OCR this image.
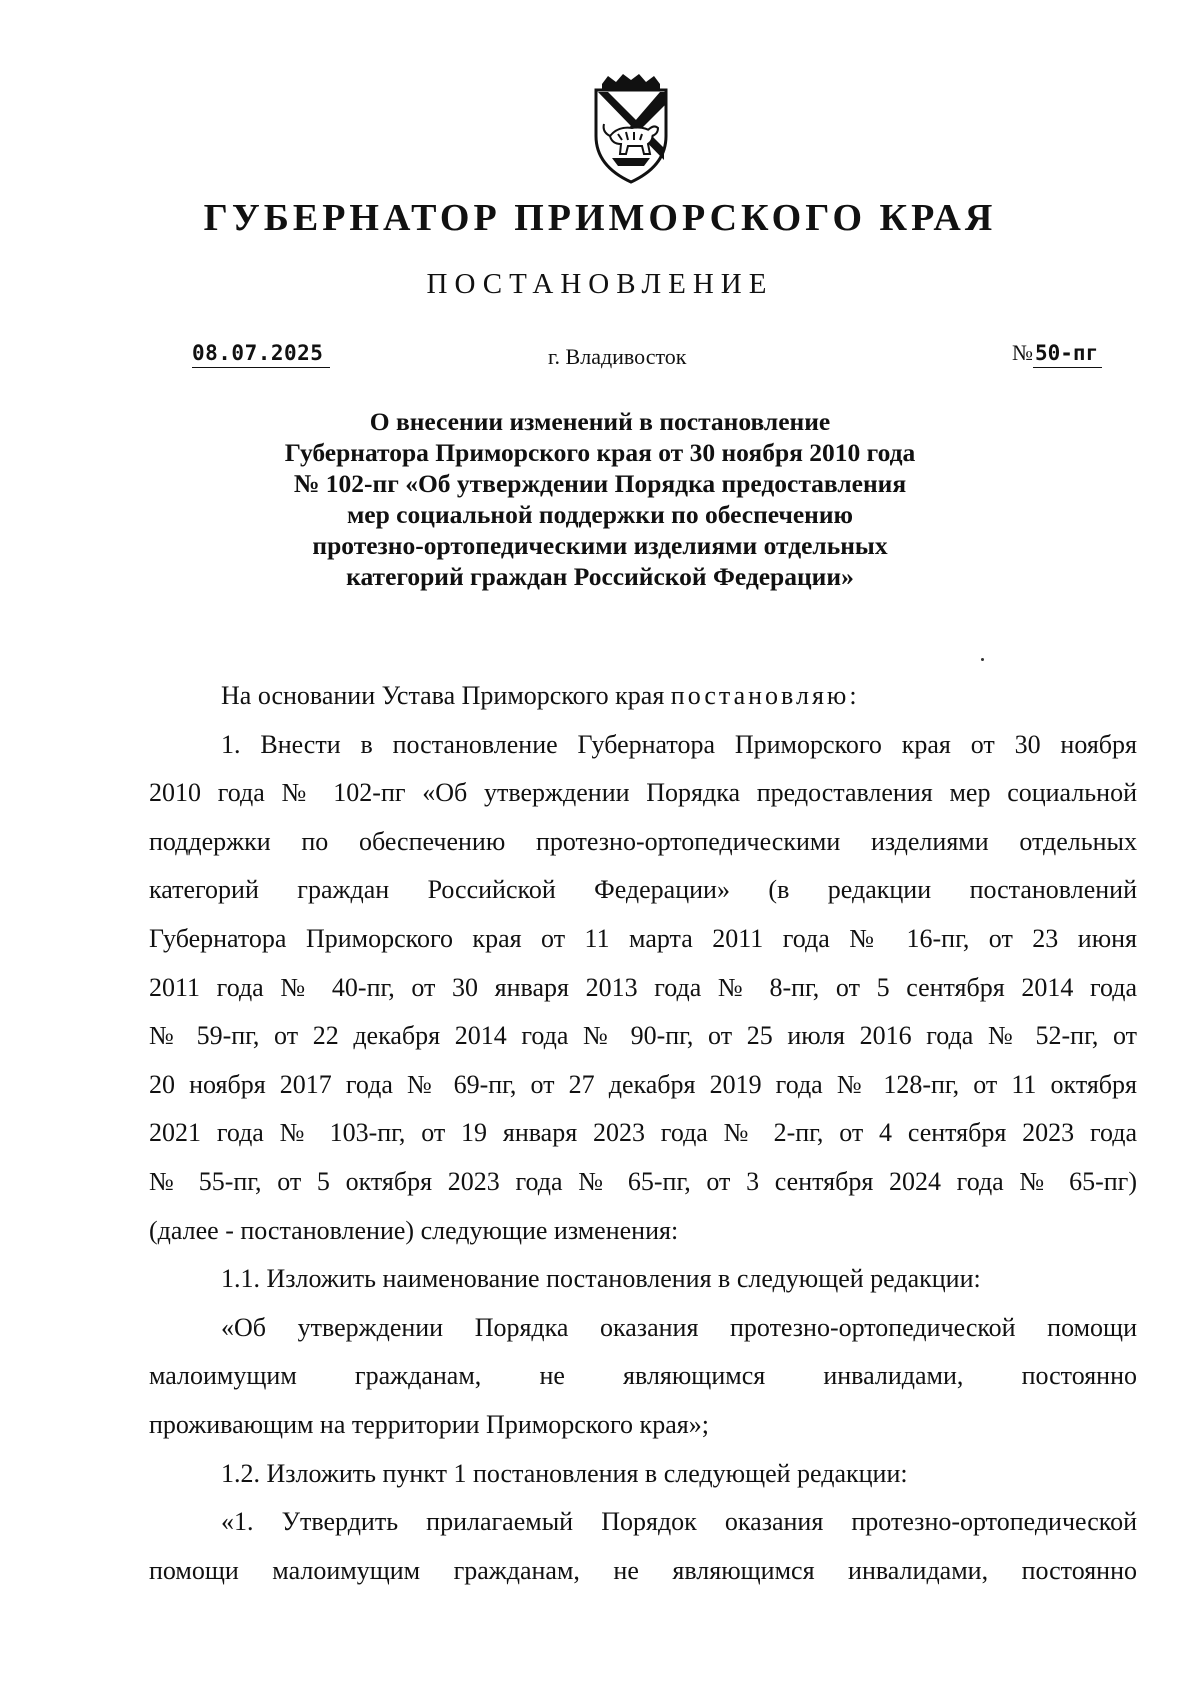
ГУБЕРНАТОР ПРИМОРСКОГО КРАЯ
ПОСТАНОВЛЕНИЕ
08.07.2025	г. Владивосток	№50-пг
О внесении изменений в постановление
Губернатора Приморского края от 30 ноября 2010 года
№ 102-пг «Об утверждении Порядка предоставления
мер социальной поддержки по обеспечению
протезно-ортопедическими изделиями отдельных
категорий граждан Российской Федерации»

На основании Устава Приморского края постановляю:

1. Внести в постановление Губернатора Приморского края от 30 ноября
2010 года № 102-пг «Об утверждении Порядка предоставления мер социальной
поддержки по обеспечению протезно-ортопедическими изделиями отдельных
категорий граждан Российской Федерации» (в редакции постановлений
Губернатора Приморского края от 11 марта 2011 года № 16-пг, от 23 июня
2011 года № 40-пг, от 30 января 2013 года № 8-пг, от 5 сентября 2014 года
№ 59-пг, от 22 декабря 2014 года № 90-пг, от 25 июля 2016 года № 52-пг, от
20 ноября 2017 года № 69-пг, от 27 декабря 2019 года № 128-пг, от 11 октября
2021 года № 103-пг, от 19 января 2023 года № 2-пг, от 4 сентября 2023 года
№ 55-пг, от 5 октября 2023 года № 65-пг, от 3 сентября 2024 года № 65-пг)
(далее - постановление) следующие изменения:
1.1. Изложить наименование постановления в следующей редакции:
«Об утверждении Порядка оказания протезно-ортопедической помощи
малоимущим гражданам, не являющимся инвалидами, постоянно
проживающим на территории Приморского края»;
1.2. Изложить пункт 1 постановления в следующей редакции:
«1. Утвердить прилагаемый Порядок оказания протезно-ортопедической
помощи малоимущим гражданам, не являющимся инвалидами, постоянно
